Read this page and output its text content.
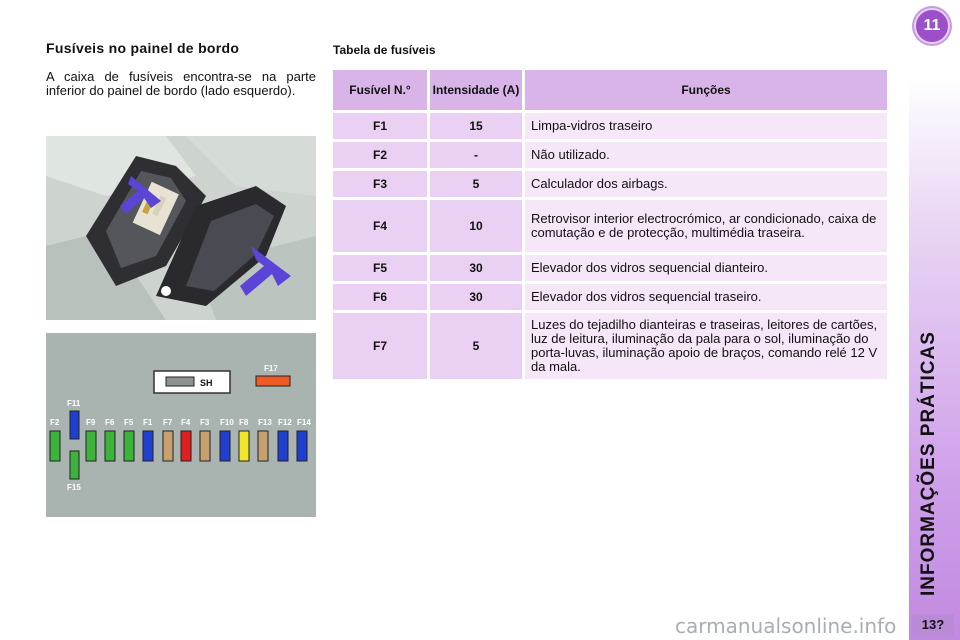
Fusíveis no painel de bordo

A caixa de fusíveis encontra-se na parte inferior do painel de bordo (lado esquerdo).

SH
F17
F11
F15
F2	F9 F6 F5 F1 F7 F4 F3 F10 F8 F13 F12 F14
Tabela de fusíveis
Fusível N.°	Intensidade (A)	Funções
F1	15	Limpa-vidros traseiro
F2	-	Não utilizado.
F3	5	Calculador dos airbags.
F4	10	Retrovisor interior electrocrómico, ar condicionado, caixa de comutação e de protecção, multimédia traseira.
F5	30	Elevador dos vidros sequencial dianteiro.
F6	30	Elevador dos vidros sequencial traseiro.
F7	5	Luzes do tejadilho dianteiras e traseiras, leitores de cartões, luz de leitura, iluminação da pala para o sol, iluminação do porta-luvas, iluminação apoio de braços, comando relé 12 V da mala.
11
INFORMAÇÕES PRÁTICAS
13?
carmanualsonline.info
